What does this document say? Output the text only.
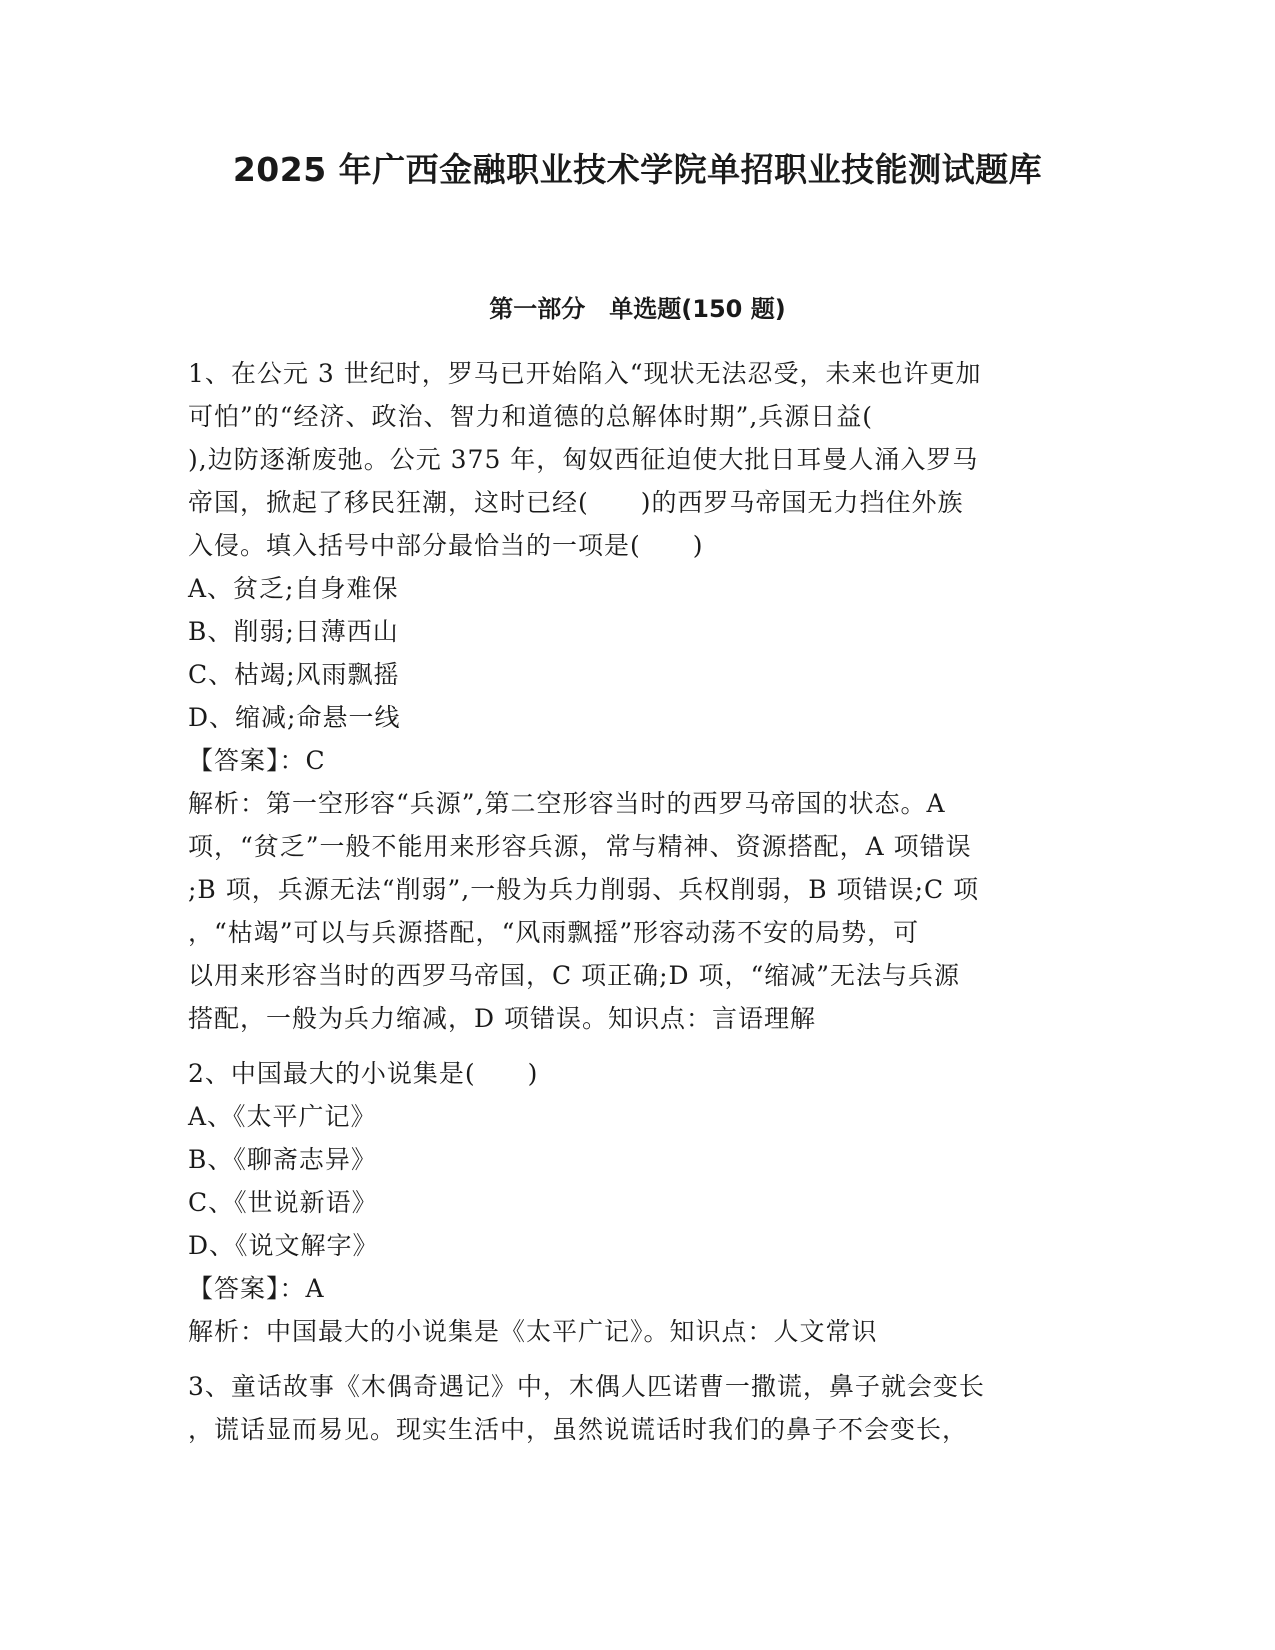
2025 年广西金融职业技术学院单招职业技能测试题库
第一部分　单选题(150 题)
1、在公元 3 世纪时，罗马已开始陷入“现状无法忍受，未来也许更加
可怕”的“经济、政治、智力和道德的总解体时期”,兵源日益(
),边防逐渐废弛。公元 375 年，匈奴西征迫使大批日耳曼人涌入罗马
帝国，掀起了移民狂潮，这时已经(　　)的西罗马帝国无力挡住外族
入侵。填入括号中部分最恰当的一项是(　　)
A、贫乏;自身难保
B、削弱;日薄西山
C、枯竭;风雨飘摇
D、缩减;命悬一线
【答案】：C
解析：第一空形容“兵源”,第二空形容当时的西罗马帝国的状态。A
项，“贫乏”一般不能用来形容兵源，常与精神、资源搭配，A 项错误
;B 项，兵源无法“削弱”,一般为兵力削弱、兵权削弱，B 项错误;C 项
，“枯竭”可以与兵源搭配，“风雨飘摇”形容动荡不安的局势，可
以用来形容当时的西罗马帝国，C 项正确;D 项，“缩减”无法与兵源
搭配，一般为兵力缩减，D 项错误。知识点：言语理解
2、中国最大的小说集是(　　)
A、《太平广记》
B、《聊斋志异》
C、《世说新语》
D、《说文解字》
【答案】：A
解析：中国最大的小说集是《太平广记》。知识点：人文常识
3、童话故事《木偶奇遇记》中，木偶人匹诺曹一撒谎，鼻子就会变长
，谎话显而易见。现实生活中，虽然说谎话时我们的鼻子不会变长，
